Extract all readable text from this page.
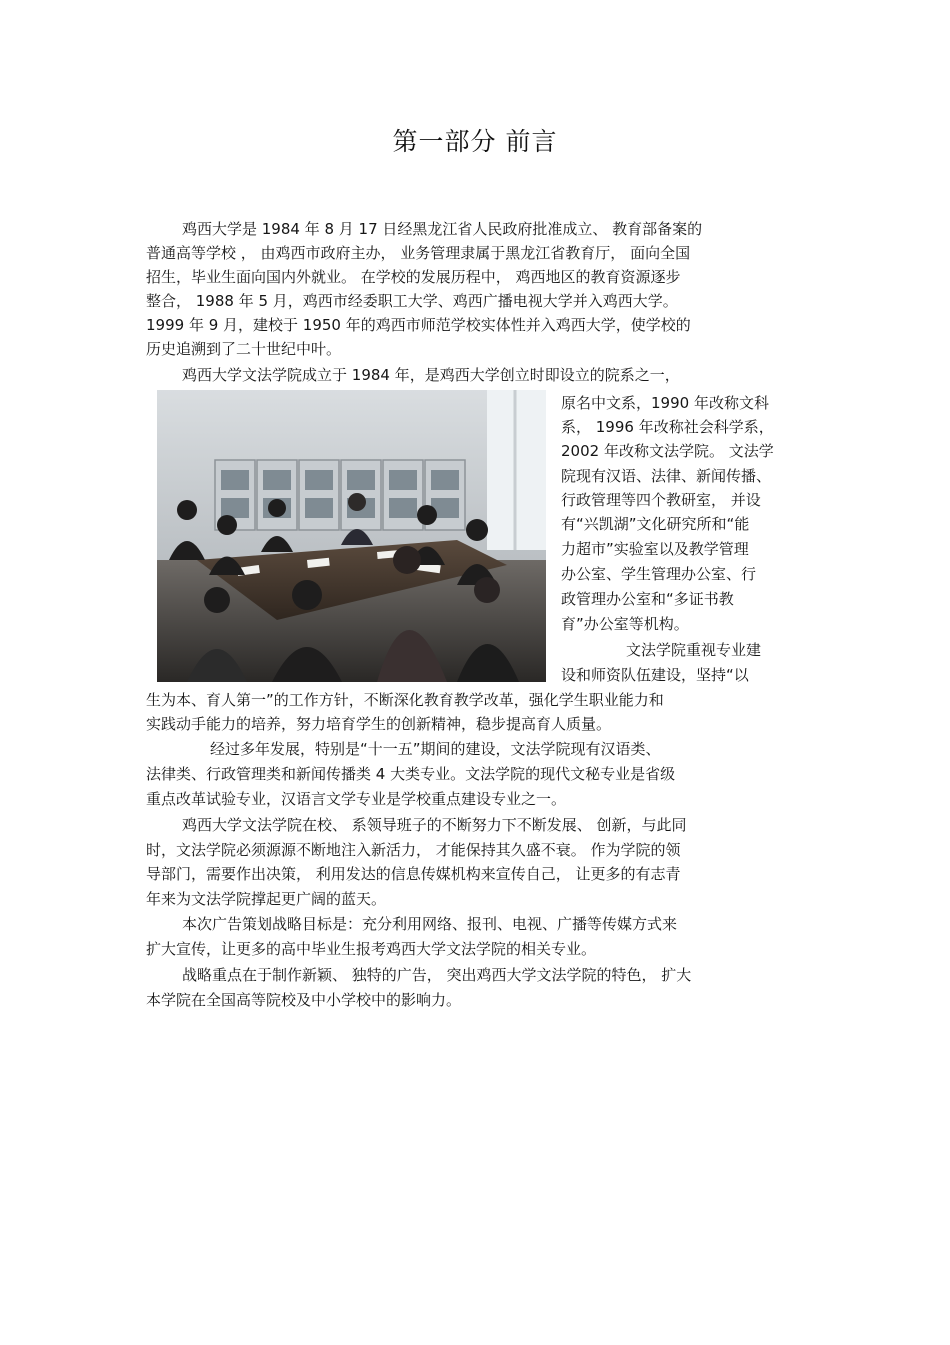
第一部分 前言
鸡西大学是 1984 年 8 月 17 日经黑龙江省人民政府批准成立、 教育部备案的
普通高等学校 ， 由鸡西市政府主办， 业务管理隶属于黑龙江省教育厅， 面向全国
招生，毕业生面向国内外就业。 在学校的发展历程中， 鸡西地区的教育资源逐步
整合， 1988 年 5 月，鸡西市经委职工大学、鸡西广播电视大学并入鸡西大学。
1999 年 9 月，建校于 1950 年的鸡西市师范学校实体性并入鸡西大学，使学校的
历史追溯到了二十世纪中叶。
鸡西大学文法学院成立于 1984 年，是鸡西大学创立时即设立的院系之一，
原名中文系，1990 年改称文科
系， 1996 年改称社会科学系，
2002 年改称文法学院。 文法学
院现有汉语、法律、新闻传播、
行政管理等四个教研室， 并设
有“兴凯湖”文化研究所和“能
力超市”实验室以及教学管理
办公室、学生管理办公室、行
政管理办公室和“多证书教
育”办公室等机构。
文法学院重视专业建
设和师资队伍建设，坚持“以
生为本、育人第一”的工作方针，不断深化教育教学改革，强化学生职业能力和
实践动手能力的培养，努力培育学生的创新精神，稳步提高育人质量。
经过多年发展，特别是“十一五”期间的建设，文法学院现有汉语类、
法律类、行政管理类和新闻传播类 4 大类专业。文法学院的现代文秘专业是省级
重点改革试验专业，汉语言文学专业是学校重点建设专业之一。
鸡西大学文法学院在校、 系领导班子的不断努力下不断发展、 创新，与此同
时，文法学院必须源源不断地注入新活力， 才能保持其久盛不衰。 作为学院的领
导部门，需要作出决策， 利用发达的信息传媒机构来宣传自己， 让更多的有志青
年来为文法学院撑起更广阔的蓝天。
本次广告策划战略目标是：充分利用网络、报刊、电视、广播等传媒方式来
扩大宣传，让更多的高中毕业生报考鸡西大学文法学院的相关专业。
战略重点在于制作新颖、 独特的广告， 突出鸡西大学文法学院的特色， 扩大
本学院在全国高等院校及中小学校中的影响力。
